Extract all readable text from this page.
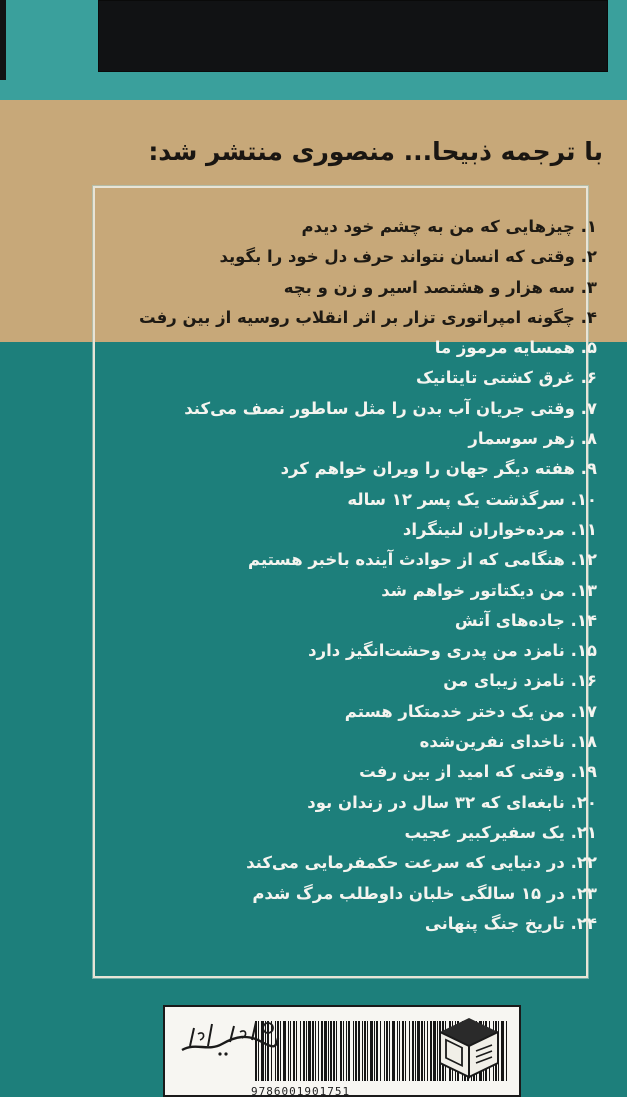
با ترجمه ذبیحا... منصوری منتشر شد:
۱. چیزهایی که من به چشم خود دیدم
۲. وقتی که انسان نتواند حرف دل خود را بگوید
۳. سه هزار و هشتصد اسیر و زن و بچه
۴. چگونه امپراتوری تزار بر اثر انقلاب روسیه از بین رفت
۵. همسایه مرموز ما
۶. غرق کشتی تایتانیک
۷. وقتی جریان آب بدن را مثل ساطور نصف می‌کند
۸. زهر سوسمار
۹. هفته دیگر جهان را ویران خواهم کرد
۱۰. سرگذشت یک پسر ۱۲ ساله
۱۱. مرده‌خواران لنینگراد
۱۲. هنگامی که از حوادث آینده باخبر هستیم
۱۳. من دیکتاتور خواهم شد
۱۴. جاده‌های آتش
۱۵. نامزد من پدری وحشت‌انگیز دارد
۱۶. نامزد زیبای من
۱۷. من یک دختر خدمتکار هستم
۱۸. ناخدای نفرین‌شده
۱۹. وقتی که امید از بین رفت
۲۰. نابغه‌ای که ۳۲ سال در زندان بود
۲۱. یک سفیرکبیر عجیب
۲۲. در دنیایی که سرعت حکمفرمایی می‌کند
۲۳. در ۱۵ سالگی خلبان داوطلب مرگ شدم
۲۴. تاریخ جنگ پنهانی
9786001901751
